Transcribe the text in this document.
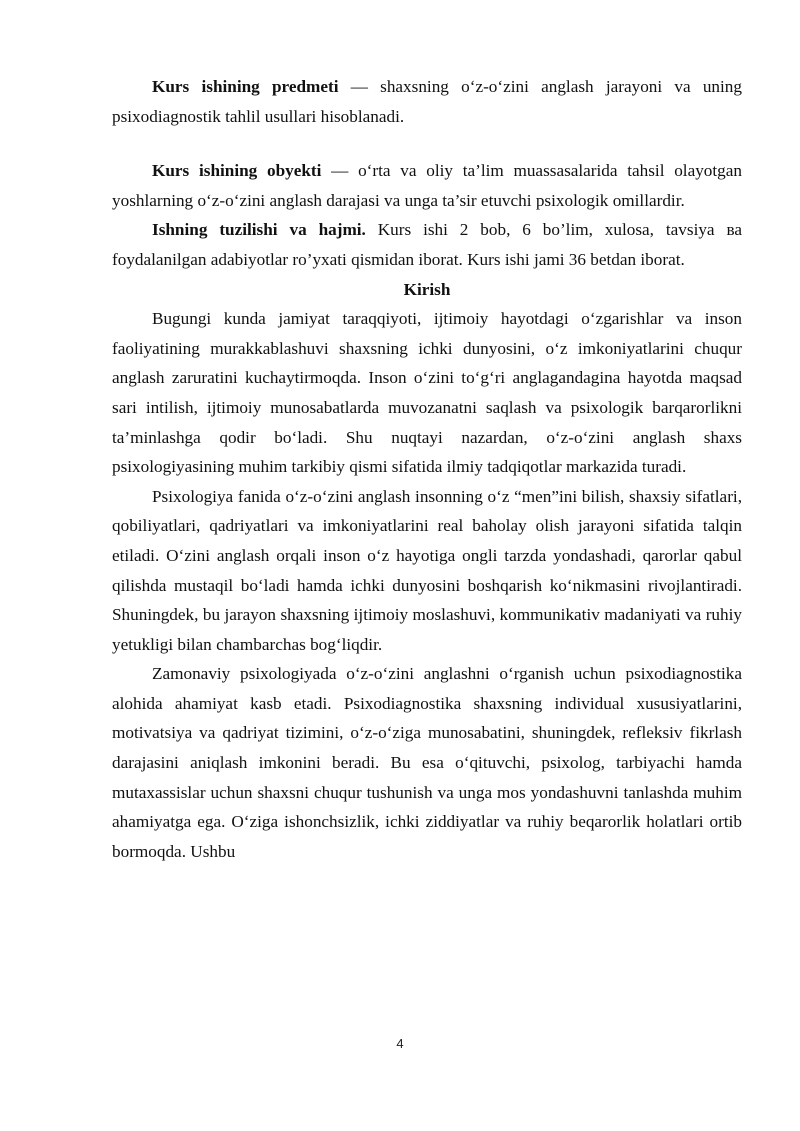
Kurs ishining predmeti — shaxsning o‘z-o‘zini anglash jarayoni va uning psixodiagnostik tahlil usullari hisoblanadi.

Kurs ishining obyekti — o‘rta va oliy ta’lim muassasalarida tahsil olayotgan yoshlarning o‘z-o‘zini anglash darajasi va unga ta’sir etuvchi psixologik omillardir.

Ishning tuzilishi va hajmi. Kurs ishi 2 bob, 6 bo’lim, xulosa, tavsiya ва foydalanilgan adabiyotlar ro’yxati qismidan iborat. Kurs ishi jami 36 betdan iborat.

Kirish

Bugungi kunda jamiyat taraqqiyoti, ijtimoiy hayotdagi o‘zgarishlar va inson faoliyatining murakkablashuvi shaxsning ichki dunyosini, o‘z imkoniyatlarini chuqur anglash zaruratini kuchaytirmoqda. Inson o‘zini to‘g‘ri anglagandagina hayotda maqsad sari intilish, ijtimoiy munosabatlarda muvozanatni saqlash va psixologik barqarorlikni ta’minlashga qodir bo‘ladi. Shu nuqtayi nazardan, o‘z-o‘zini anglash shaxs psixologiyasining muhim tarkibiy qismi sifatida ilmiy tadqiqotlar markazida turadi.

Psixologiya fanida o‘z-o‘zini anglash insonning o‘z “men”ini bilish, shaxsiy sifatlari, qobiliyatlari, qadriyatlari va imkoniyatlarini real baholay olish jarayoni sifatida talqin etiladi. O‘zini anglash orqali inson o‘z hayotiga ongli tarzda yondashadi, qarorlar qabul qilishda mustaqil bo‘ladi hamda ichki dunyosini boshqarish ko‘nikmasini rivojlantiradi. Shuningdek, bu jarayon shaxsning ijtimoiy moslashuvi, kommunikativ madaniyati va ruhiy yetukligi bilan chambarchas bog‘liqdir.

Zamonaviy psixologiyada o‘z-o‘zini anglashni o‘rganish uchun psixodiagnostika alohida ahamiyat kasb etadi. Psixodiagnostika shaxsning individual xususiyatlarini, motivatsiya va qadriyat tizimini, o‘z-o‘ziga munosabatini, shuningdek, refleksiv fikrlash darajasini aniqlash imkonini beradi. Bu esa o‘qituvchi, psixolog, tarbiyachi hamda mutaxassislar uchun shaxsni chuqur tushunish va unga mos yondashuvni tanlashda muhim ahamiyatga ega. O‘ziga ishonchsizlik, ichki ziddiyatlar va ruhiy beqarorlik holatlari ortib bormoqda. Ushbu

4
